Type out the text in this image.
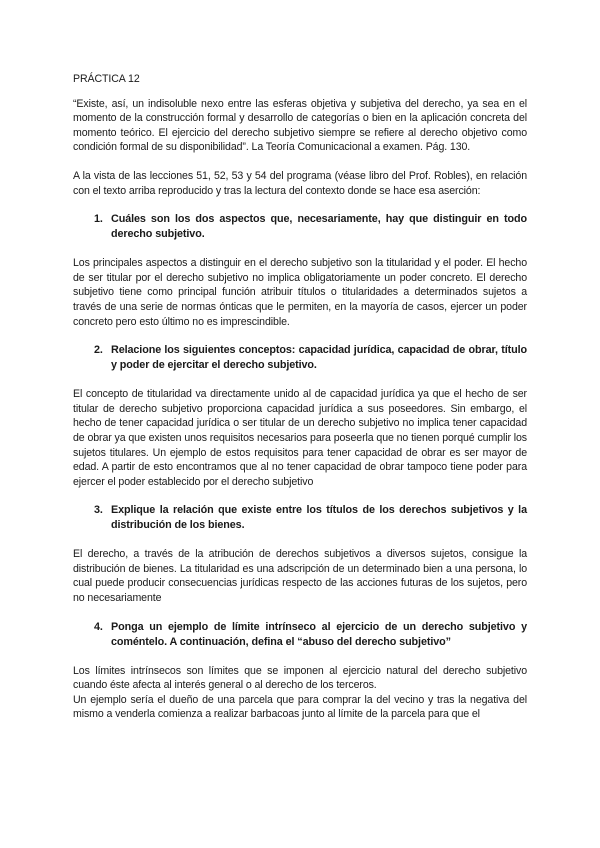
PRÁCTICA 12

“Existe, así, un indisoluble nexo entre las esferas objetiva y subjetiva del derecho, ya sea en el momento de la construcción formal y desarrollo de categorías o bien en la aplicación concreta del momento teórico. El ejercicio del derecho subjetivo siempre se refiere al derecho objetivo como condición formal de su disponibilidad”. La Teoría Comunicacional a examen. Pág. 130.

A la vista de las lecciones 51, 52, 53 y 54 del programa (véase libro del Prof. Robles), en relación con el texto arriba reproducido y tras la lectura del contexto donde se hace esa aserción:

1. Cuáles son los dos aspectos que, necesariamente, hay que distinguir en todo derecho subjetivo.

Los principales aspectos a distinguir en el derecho subjetivo son la titularidad y el poder. El hecho de ser titular por el derecho subjetivo no implica obligatoriamente un poder concreto. El derecho subjetivo tiene como principal función atribuir títulos o titularidades a determinados sujetos a través de una serie de normas ónticas que le permiten, en la mayoría de casos, ejercer un poder concreto pero esto último no es imprescindible.

2. Relacione los siguientes conceptos: capacidad jurídica, capacidad de obrar, título y poder de ejercitar el derecho subjetivo.

El concepto de titularidad va directamente unido al de capacidad jurídica ya que el hecho de ser titular de derecho subjetivo proporciona capacidad jurídica a sus poseedores. Sin embargo, el hecho de tener capacidad jurídica o ser titular de un derecho subjetivo no implica tener capacidad de obrar ya que existen unos requisitos necesarios para poseerla que no tienen porqué cumplir los sujetos titulares. Un ejemplo de estos requisitos para tener capacidad de obrar es ser mayor de edad. A partir de esto encontramos que al no tener capacidad de obrar tampoco tiene poder para ejercer el poder establecido por el derecho subjetivo

3. Explique la relación que existe entre los títulos de los derechos subjetivos y la distribución de los bienes.

El derecho, a través de la atribución de derechos subjetivos a diversos sujetos, consigue la distribución de bienes. La titularidad es una adscripción de un determinado bien a una persona, lo cual puede producir consecuencias jurídicas respecto de las acciones futuras de los sujetos, pero no necesariamente

4. Ponga un ejemplo de límite intrínseco al ejercicio de un derecho subjetivo y coméntelo. A continuación, defina el “abuso del derecho subjetivo”

Los límites intrínsecos son límites que se imponen al ejercicio natural del derecho subjetivo cuando éste afecta al interés general o al derecho de los terceros.

Un ejemplo sería el dueño de una parcela que para comprar la del vecino y tras la negativa del mismo a venderla comienza a realizar barbacoas junto al límite de la parcela para que el
